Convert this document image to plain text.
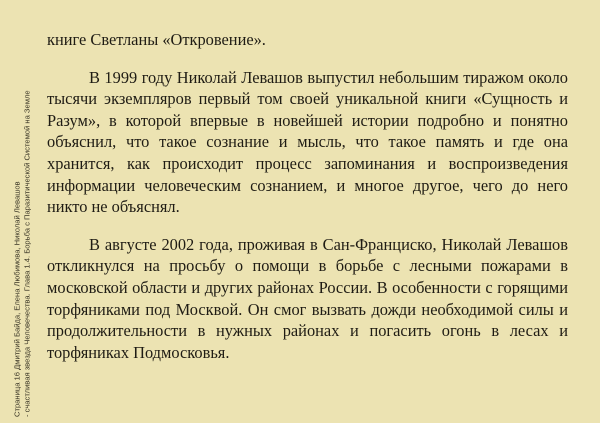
Страница 16 Дмитрий Байда, Елена Любимова, Николай Левашов - счастливая звезда Человечества. Глава 1.4. Борьба с Паразитической Системой на Земле

книге Светланы «Откровение».

В 1999 году Николай Левашов выпустил небольшим тиражом около тысячи экземпляров первый том своей уникальной книги «Сущность и Разум», в которой впервые в новейшей истории подробно и понятно объяснил, что такое сознание и мысль, что такое память и где она хранится, как происходит процесс запоминания и воспроизведения информации человеческим сознанием, и многое другое, чего до него никто не объяснял.

В августе 2002 года, проживая в Сан-Франциско, Николай Левашов откликнулся на просьбу о помощи в борьбе с лесными пожарами в московской области и других районах России. В особенности с горящими торфяниками под Москвой. Он смог вызвать дожди необходимой силы и продолжительности в нужных районах и погасить огонь в лесах и торфяниках Подмосковья.
